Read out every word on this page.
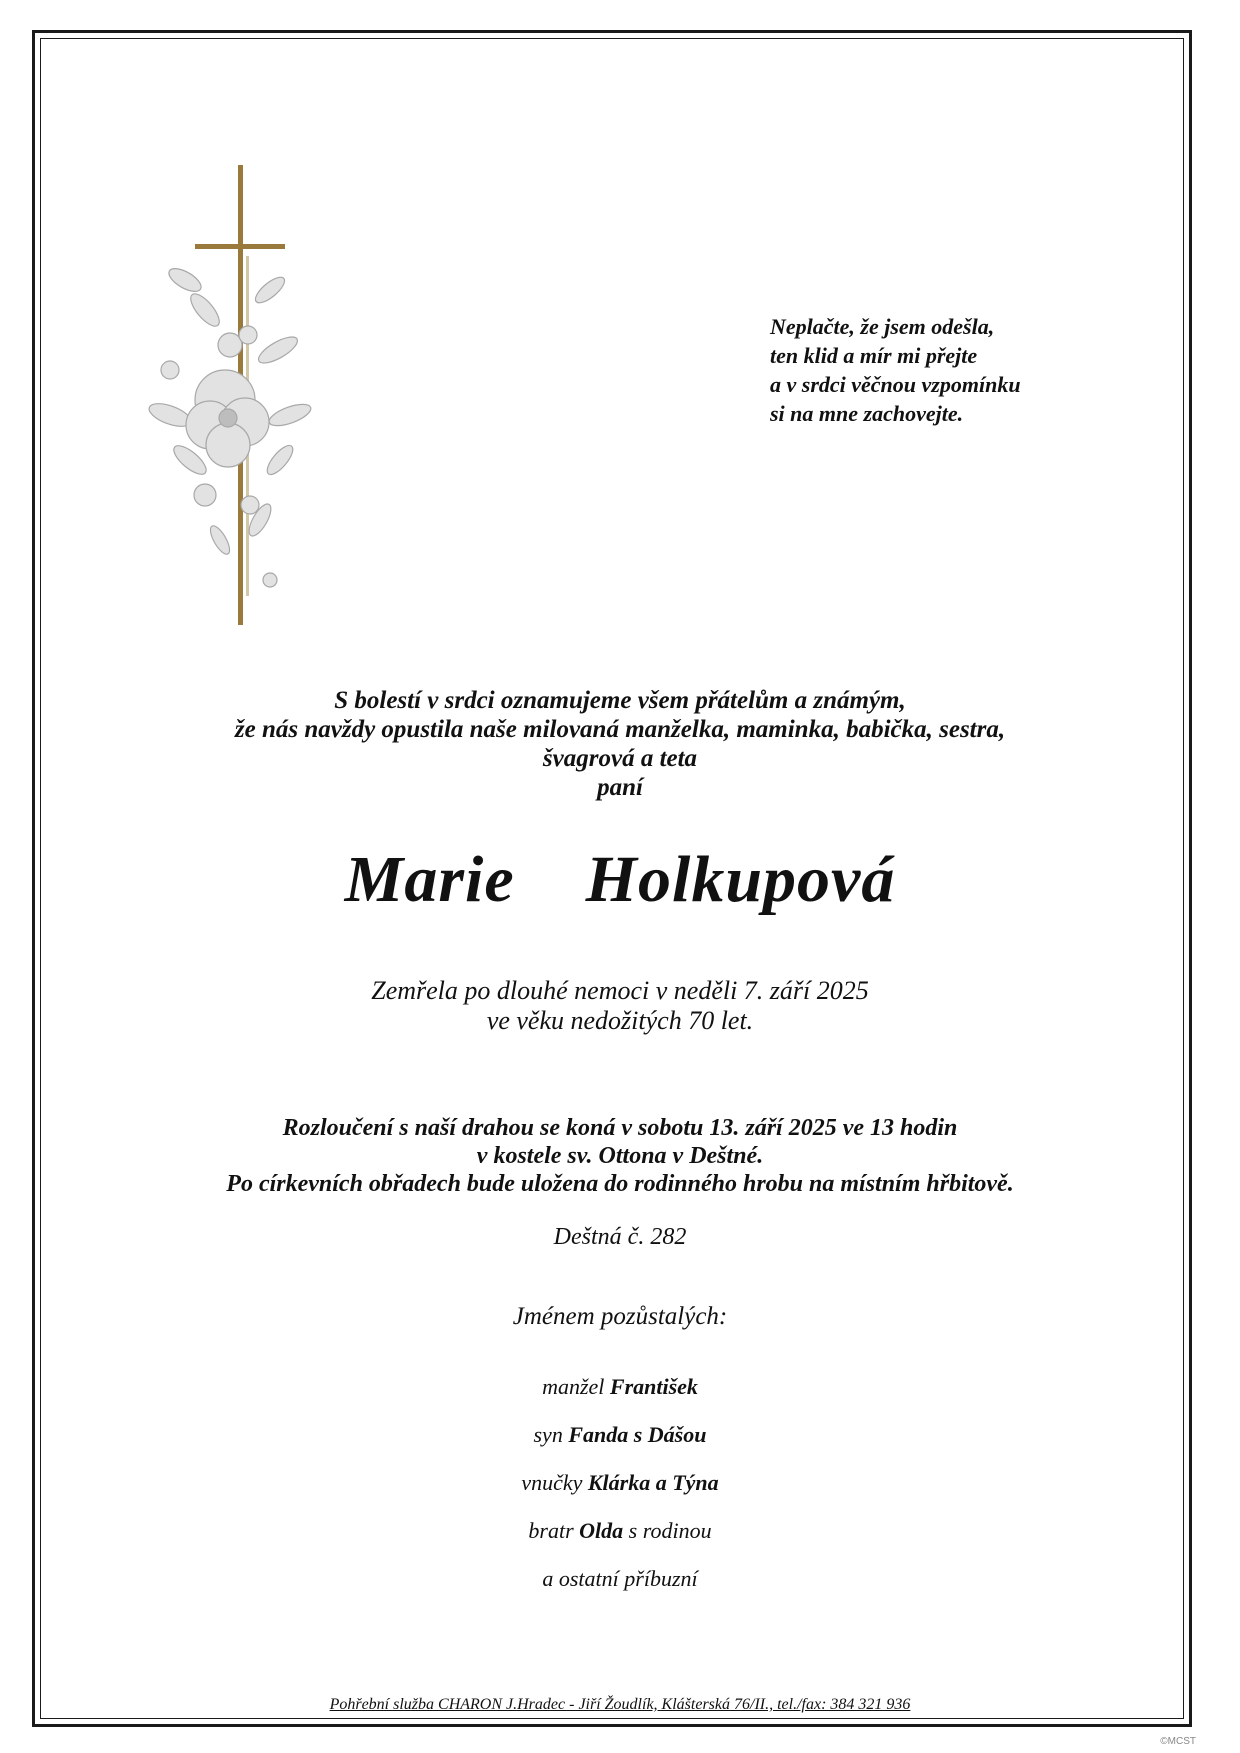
Neplačte, že jsem odešla,
ten klid a mír mi přejte
a v srdci věčnou vzpomínku
si na mne zachovejte.
S bolestí v srdci oznamujeme všem přátelům a známým,
že nás navždy opustila naše milovaná manželka, maminka, babička, sestra,
švagrová a teta
paní
Marie  Holkupová
Zemřela po dlouhé nemoci v neděli 7. září 2025
ve věku nedožitých 70 let.
Rozloučení s naší drahou se koná v sobotu 13. září 2025 ve 13 hodin
v kostele sv. Ottona v Deštné.
Po církevních obřadech bude uložena do rodinného hrobu na místním hřbitově.
Deštná č. 282
Jménem pozůstalých:
manžel František
syn Fanda s Dášou
vnučky Klárka a Týna
bratr Olda s rodinou
a ostatní příbuzní
Pohřební služba CHARON J.Hradec - Jiří Žoudlík, Klášterská 76/II., tel./fax: 384 321 936
©MCST
